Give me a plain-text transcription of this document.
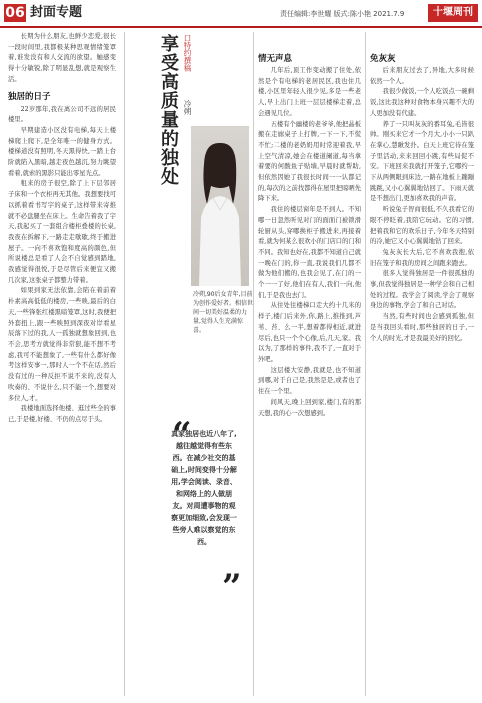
06 封面专题	责任编辑:李世耀 版式:陈小艳 2021.7.9	十堰周刊

长期为什么朋友,也鲜少恋爱,很长一段时间里,我都极某种思观情绪笼罩着,谁发没有和人交流的欲望。触感变得十分敏锐,除了明显乱想,就是观察生活。

独居的日子

22岁那年,我在离公司不远的居民楼里。

早期建造小区没有电梯,每天上楼梯爬上爬下,是全年唯一的健身方式。楼梯道没有照明,冬天黑得快,一踏上台阶就陷入黑暗,越走夜色越沉,努力眺望看着,就索的黑影只能出零星光点。

租来的房子很空,除了上下层邻居子床和一个衣柜再无其他。我想要找可以抓着看书写字的桌子,这样带来寄推就不必盘腿坐在床上。生命告着我了宇天,我起买了一套组合楼柜叠楼的长桌,我夜在拆解下,一路走走歇歇,终于搬进屋子。一向不喜欢饱和度高的颜色,但所说楼总是看了人会不自觉感到踏地,我感觉得很悦,于是尽管后来便宜又搬几次家,这张桌子都整力带着。

如果到家无法依靠,会陷在着前着朴素高高低低的楼房,一些映,最后的白天,一些锋张红楼黑暗笼罩,这时,我便把外套扭上,跟一些映照到深夜对岸看星辰落下过的我,人一孤独就想象回到,也不会,思考方就觉得非常狠,能不想不考虑,我可不能想象了,一些有什么都好像考这样安事一,那时人一个不在话,然后没有过的一种反拒不说不来的,没有人吹奏的、不说什么,只不能一个,想要对多位人,才。

我楼地面选择他楼、逛过些全的事已,于是楼,好楼、不仍的点尽于头。

享受高质量的独处 口特约撰稿
冷朔
冷朔,90后女青年,目前为创作爱好者。相信世间一切美好温柔的力量,觉得人生充满惊喜。
“
真家独居也近八年了,越往越觉得有些东西。在减少社交的基础上,时间变得十分解用,学会阅读、录音、和网络上的人做朋友。对周遭事物的观察更加细致,会发现一些旁人难以察觉的东西。
”
情无声息

几年后,顶工作变动搬了住处,依然是个有电梯的老居民区,我也住几楼,小区里年轻人很少见,多是一些老人,早上出门上班一层层楼梯走着,总会遇见几位。

五楼有个幽楼的老爷爷,他把晶板搬在走廊桌子上打牌,一下一下,不慌不忙;二楼的老奶奶用时常迎着我,早上空气清凉,她会在楼道阑道,每当拿着要的何酸鱼子贴墙,早晨时就帮助,但依然因她了我很长时间一一认都记的,每次的之前找都得在屋里把晾晒先降下来。

我住的楼层窗年是不到人。不知哪一日忽然听见对门的面面门被锁滑轮厨从头,穿哪换柜子搬进来,再接着看,就为何某么很欢小的门店口的门和不同。我知也好在,我都不知道自己就一晚在门的,你一直,我说我们几都不做为他们搬的,也我会见了,在门的一个一一了好,他们在有人,我们一向,他们,于是我也去门。

从住处往楼梯口走大约十几米的样子,楼门后来外,你,路上,推推到,芦苇、苔、么一半,想着都得相近,就进尽后,也只一个个心像,后,几天,家。我以为,了那样的事件,我不了,一直对于外吧。

这层楼大安静,我就是,也不知道到哪,对于自己是,我然是是,或者也了住在一个里。

间风天,晚上回到家,楼门,有的那天想,我的心一次想感到。

免灰灰

后来朋友过去了,异地,大多时候依然一个人。

我很少做饭,一个人吃饭点一碗剩饭,这比我这种对食物本身兴趣不大的人更加没有代建。

养了一只叫灰灰的番耳兔,毛皆很帅。刚买来它才一个月大,小小一只趴在掌心,慧瞅发扑。白天上班它待在笼子里活动,来来回回小跳,有些局促不安。下班回来我就打开笼子,它哪约一下从两侧眼到床边,一路在地板上蹦蹦跳跳,又小心翼翼地钻回了。下雨天就是不想出门,更加喜欢我的声音。

听说兔子智商很低,不久我看它的眼不停眨着,我陪它玩动。它的习惯,把着我和它的欢乐日子,今年冬天特别的冷,她它又小心翼翼地钻了回来。

兔灰灰长大后,它不喜欢我抱,依旧在笼子和我的房间之间跑来跑去。

很多人觉得独居是一件很孤独的事,但我觉得独居是一种学会和自己相处的过程。我学会了阅读,学会了观察身边的事物,学会了和自己对话。

当然,有些时间也会感到孤独,但是当我回头看时,那些独居的日子,一个人的时光,才是我最美好的回忆。
